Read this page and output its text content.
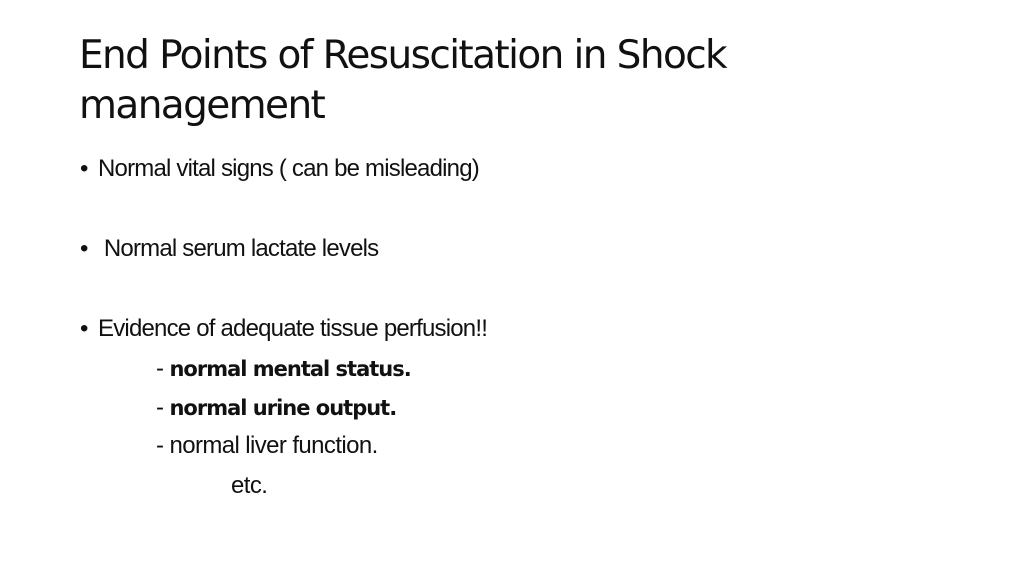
End Points of Resuscitation in Shock
management
• Normal vital signs ( can be misleading)
• Normal serum lactate levels
• Evidence of adequate tissue perfusion!!
- normal mental status.
- normal urine output.
- normal liver function.
etc.
